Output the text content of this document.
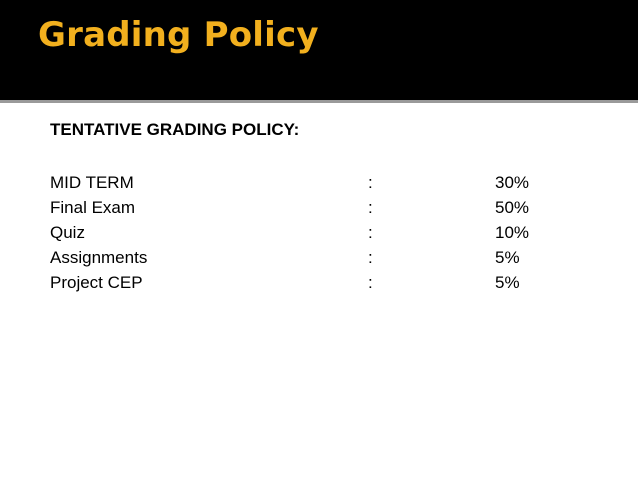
Grading Policy

TENTATIVE GRADING POLICY:

MID TERM	:	30%
Final Exam	:	50%
Quiz	:	10%
Assignments	:	5%
Project CEP	:	5%
